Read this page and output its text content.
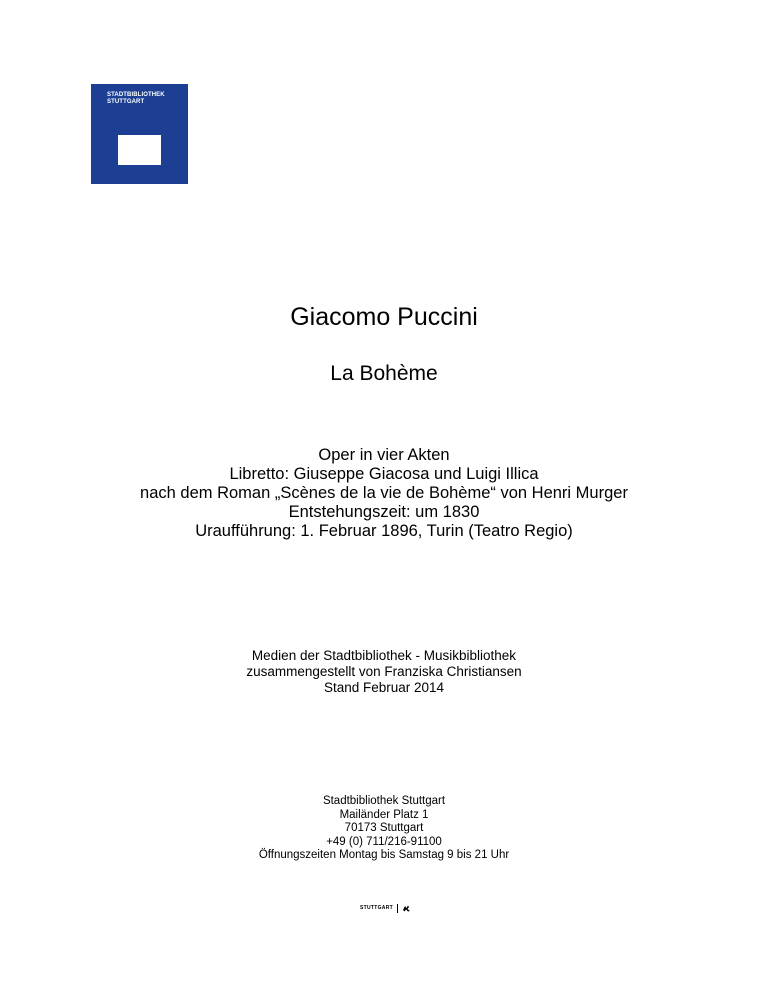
STADTBIBLIOTHEK
STUTTGART
Giacomo Puccini
La Bohème
Oper in vier Akten
Libretto: Giuseppe Giacosa und Luigi Illica
nach dem Roman „Scènes de la vie de Bohème“ von Henri Murger
Entstehungszeit: um 1830
Uraufführung: 1. Februar 1896, Turin (Teatro Regio)
Medien der Stadtbibliothek - Musikbibliothek
zusammengestellt von Franziska Christiansen
Stand Februar 2014
Stadtbibliothek Stuttgart
Mailänder Platz 1
70173 Stuttgart
+49 (0) 711/216-91100
Öffnungszeiten Montag bis Samstag 9 bis 21 Uhr
STUTTGART
